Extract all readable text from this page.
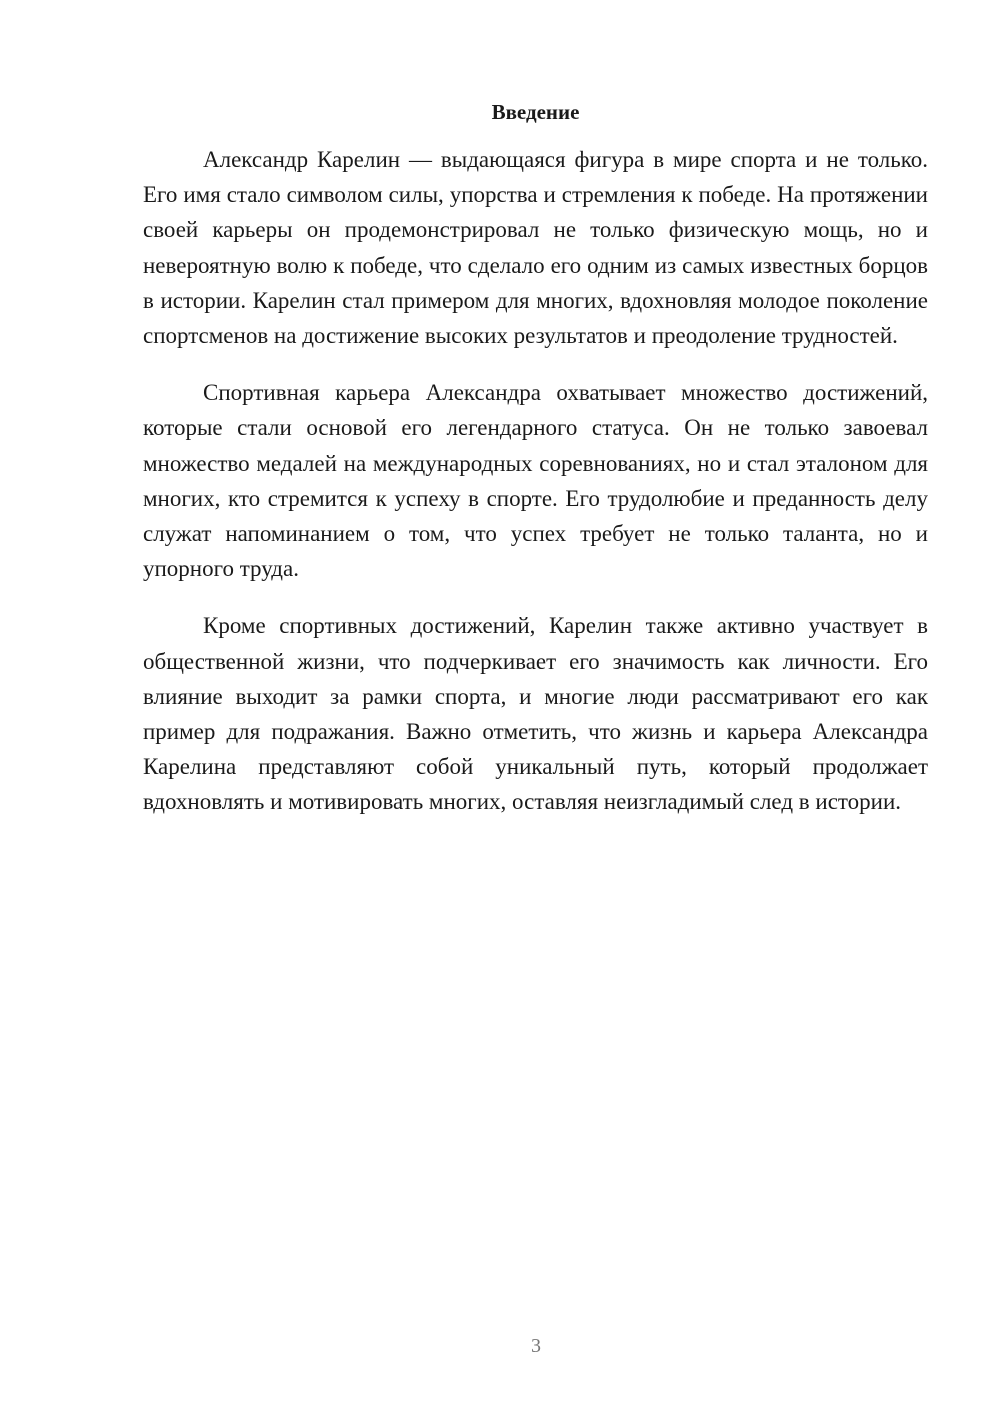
Введение

Александр Карелин — выдающаяся фигура в мире спорта и не только. Его имя стало символом силы, упорства и стремления к победе. На протяжении своей карьеры он продемонстрировал не только физическую мощь, но и невероятную волю к победе, что сделало его одним из самых известных борцов в истории. Карелин стал примером для многих, вдохновляя молодое поколение спортсменов на достижение высоких результатов и преодоление трудностей.

Спортивная карьера Александра охватывает множество достижений, которые стали основой его легендарного статуса. Он не только завоевал множество медалей на международных соревнованиях, но и стал эталоном для многих, кто стремится к успеху в спорте. Его трудолюбие и преданность делу служат напоминанием о том, что успех требует не только таланта, но и упорного труда.

Кроме спортивных достижений, Карелин также активно участвует в общественной жизни, что подчеркивает его значимость как личности. Его влияние выходит за рамки спорта, и многие люди рассматривают его как пример для подражания. Важно отметить, что жизнь и карьера Александра Карелина представляют собой уникальный путь, который продолжает вдохновлять и мотивировать многих, оставляя неизгладимый след в истории.

3
